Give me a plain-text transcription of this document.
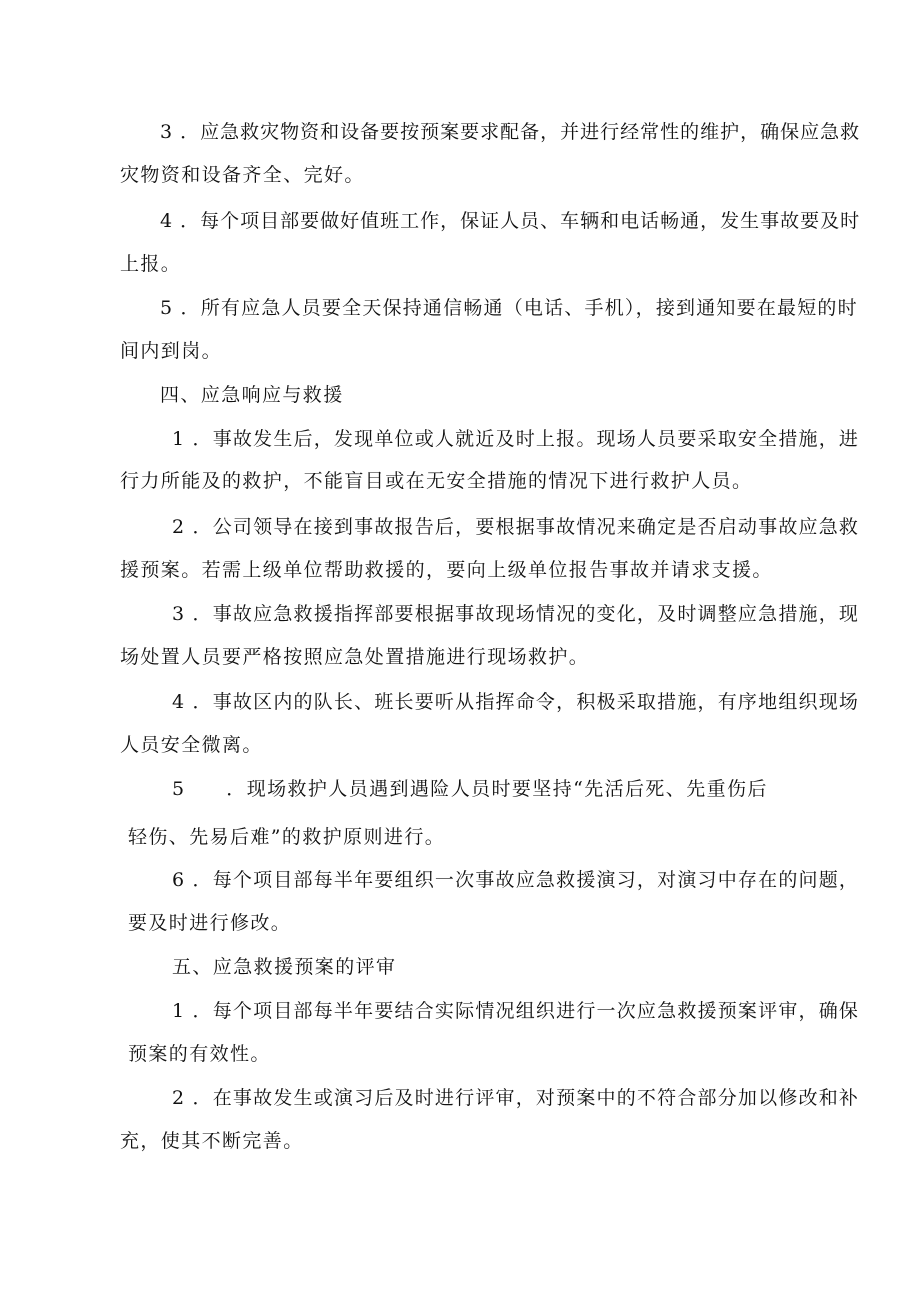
3 ．应急救灾物资和设备要按预案要求配备，并进行经常性的维护，确保应急救
灾物资和设备齐全、完好。
4 ．每个项目部要做好值班工作，保证人员、车辆和电话畅通，发生事故要及时
上报。
5 ．所有应急人员要全天保持通信畅通（电话、手机），接到通知要在最短的时
间内到岗。
四、应急响应与救援
1 ．事故发生后，发现单位或人就近及时上报。现场人员要采取安全措施，进
行力所能及的救护，不能盲目或在无安全措施的情况下进行救护人员。
2 ．公司领导在接到事故报告后，要根据事故情况来确定是否启动事故应急救
援预案。若需上级单位帮助救援的，要向上级单位报告事故并请求支援。
3 ．事故应急救援指挥部要根据事故现场情况的变化，及时调整应急措施，现
场处置人员要严格按照应急处置措施进行现场救护。
4 ．事故区内的队长、班长要听从指挥命令，积极采取措施，有序地组织现场
人员安全微离。
5　　．现场救护人员遇到遇险人员时要坚持“先活后死、先重伤后
轻伤、先易后难”的救护原则进行。
6 ．每个项目部每半年要组织一次事故应急救援演习，对演习中存在的问题，
要及时进行修改。
五、应急救援预案的评审
1 ．每个项目部每半年要结合实际情况组织进行一次应急救援预案评审，确保
预案的有效性。
2 ．在事故发生或演习后及时进行评审，对预案中的不符合部分加以修改和补
充，使其不断完善。
